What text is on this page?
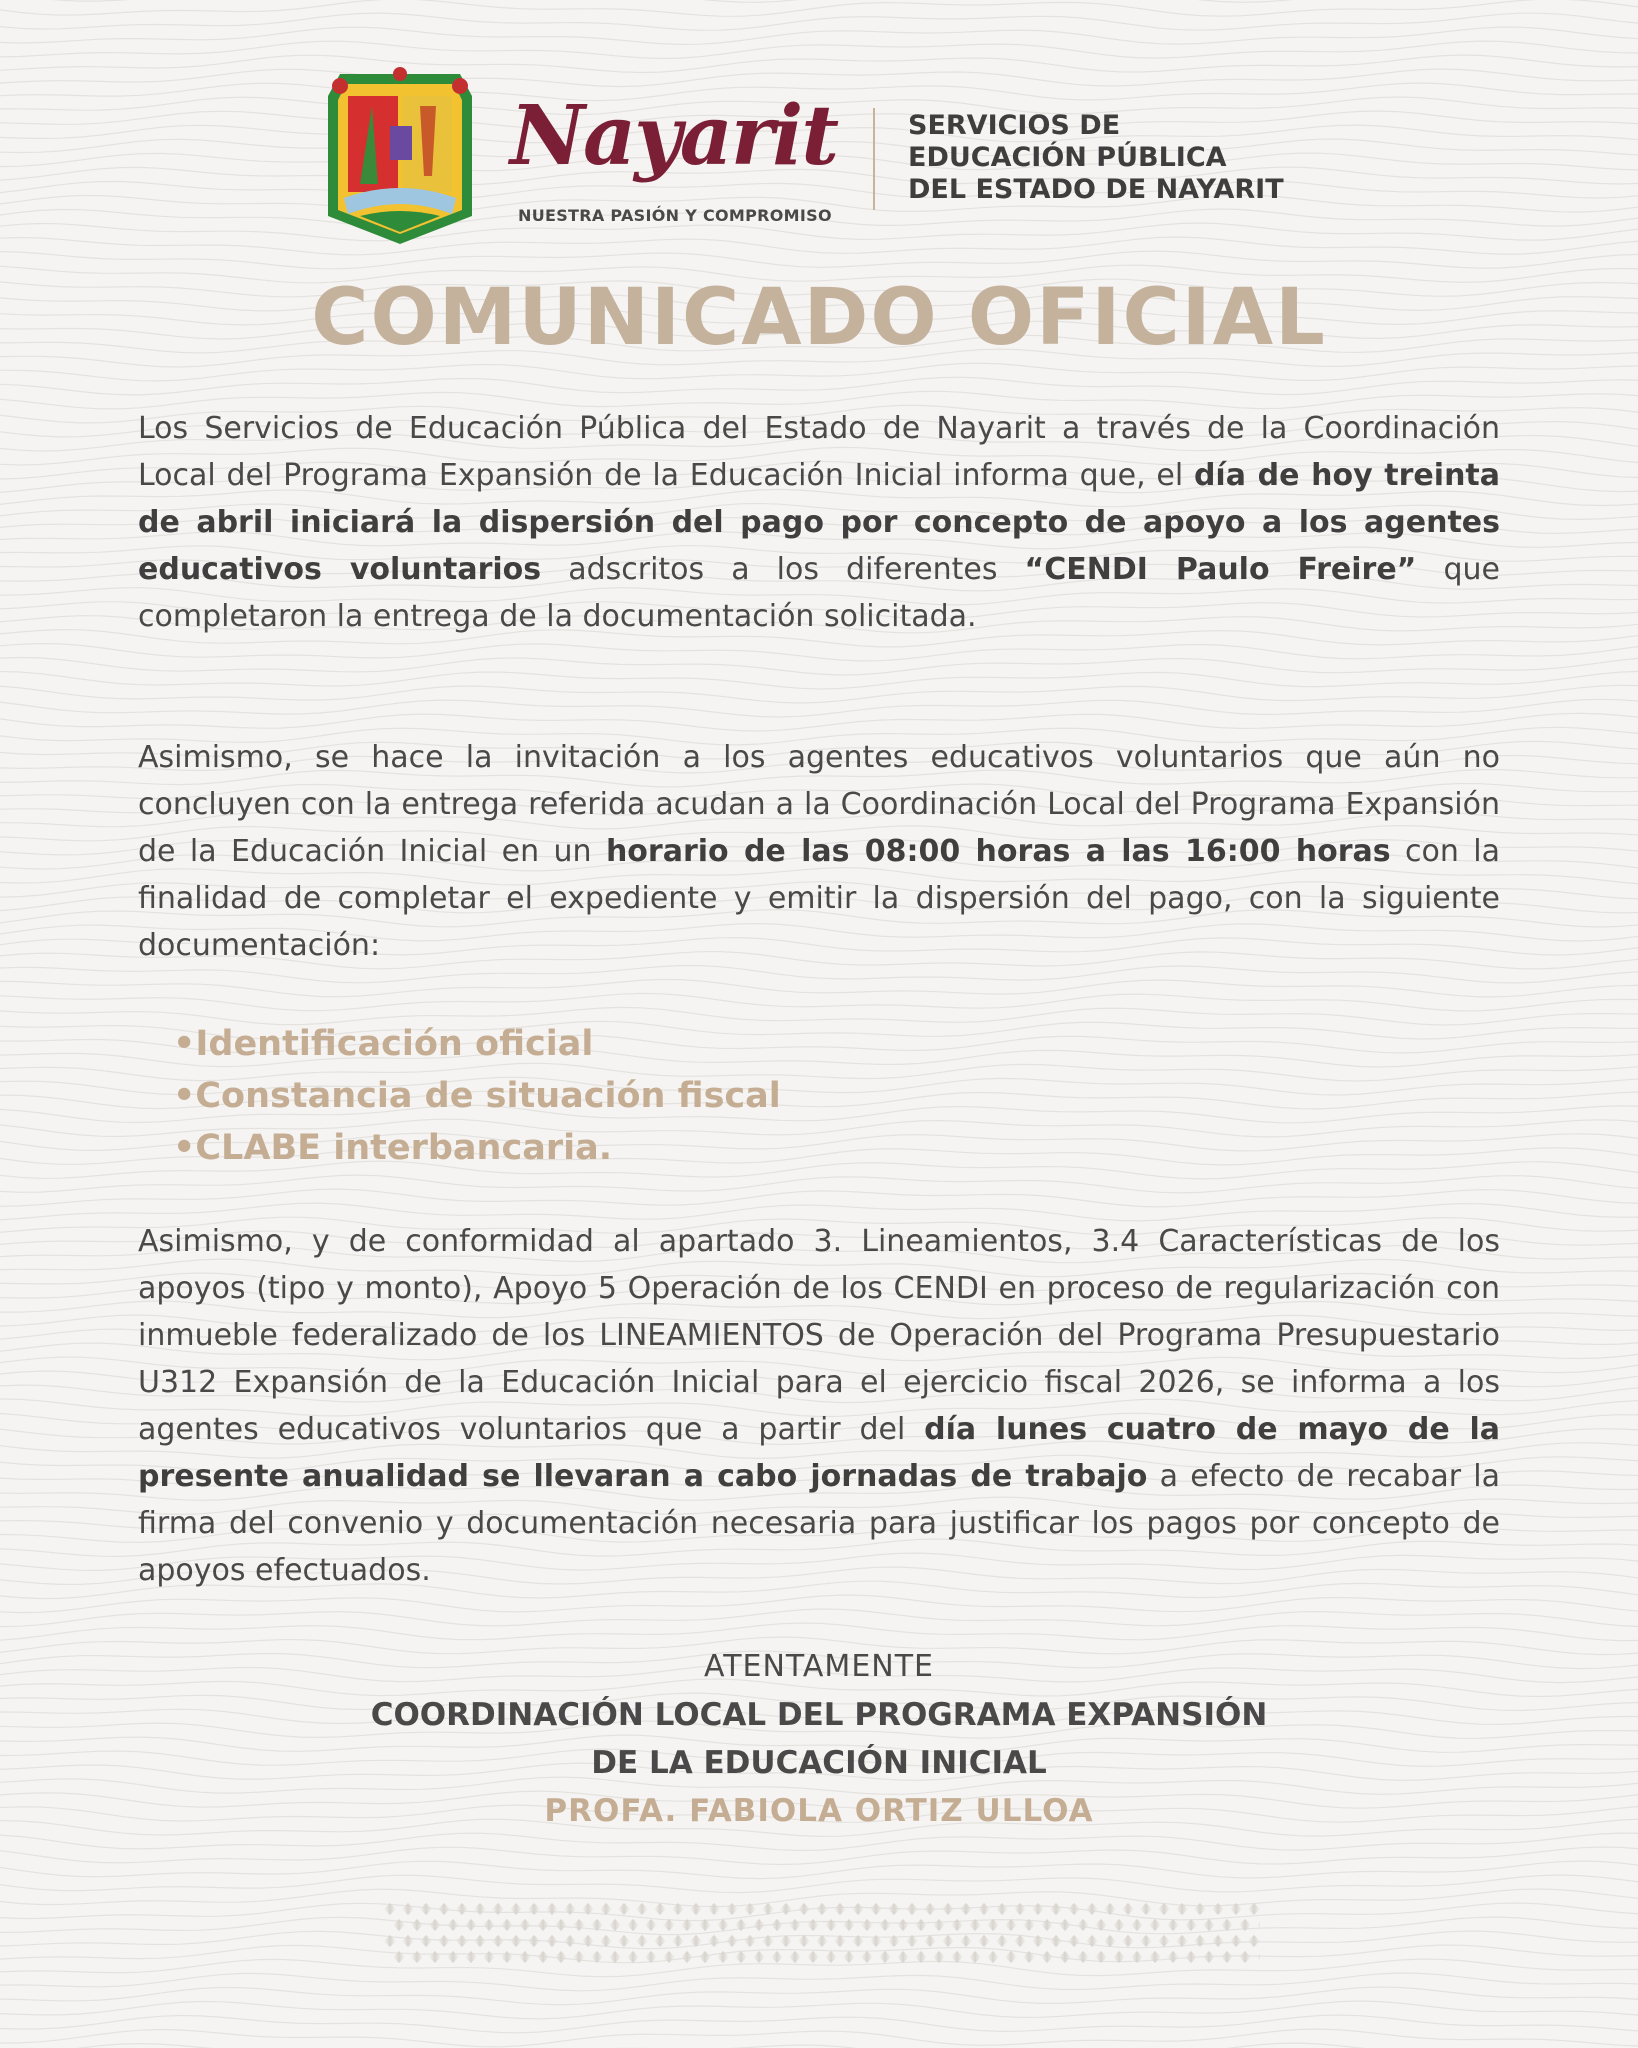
Nayarit
NUESTRA PASIÓN Y COMPROMISO
SERVICIOS DE
EDUCACIÓN PÚBLICA
DEL ESTADO DE NAYARIT
COMUNICADO OFICIAL

Los Servicios de Educación Pública del Estado de Nayarit a través de la Coordinación Local del Programa Expansión de la Educación Inicial informa que, el día de hoy treinta de abril iniciará la dispersión del pago por concepto de apoyo a los agentes educativos voluntarios adscritos a los diferentes “CENDI Paulo Freire” que completaron la entrega de la documentación solicitada.

Asimismo, se hace la invitación a los agentes educativos voluntarios que aún no concluyen con la entrega referida acudan a la Coordinación Local del Programa Expansión de la Educación Inicial en un horario de las 08:00 horas a las 16:00 horas con la finalidad de completar el expediente y emitir la dispersión del pago, con la siguiente documentación:

•Identificación oficial
•Constancia de situación fiscal
•CLABE interbancaria.

Asimismo, y de conformidad al apartado 3. Lineamientos, 3.4 Características de los apoyos (tipo y monto), Apoyo 5 Operación de los CENDI en proceso de regularización con inmueble federalizado de los LINEAMIENTOS de Operación del Programa Presupuestario U312 Expansión de la Educación Inicial para el ejercicio fiscal 2026, se informa a los agentes educativos voluntarios que a partir del día lunes cuatro de mayo de la presente anualidad se llevaran a cabo jornadas de trabajo a efecto de recabar la firma del convenio y documentación necesaria para justificar los pagos por concepto de apoyos efectuados.

ATENTAMENTE
COORDINACIÓN LOCAL DEL PROGRAMA EXPANSIÓN
DE LA EDUCACIÓN INICIAL
PROFA. FABIOLA ORTIZ ULLOA
